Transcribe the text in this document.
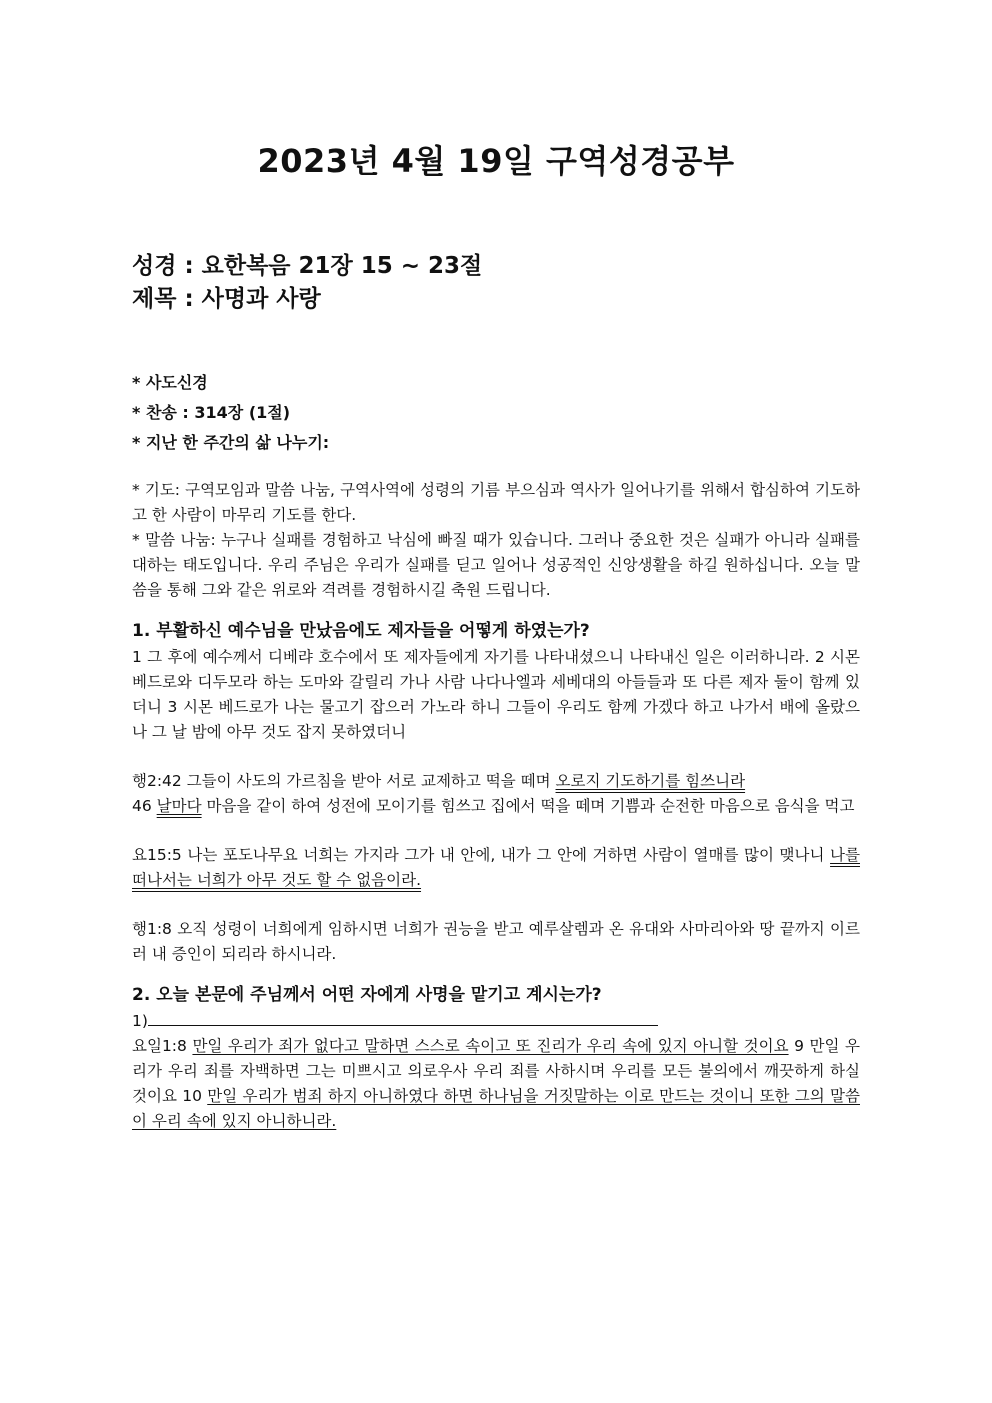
2023년 4월 19일 구역성경공부
성경 : 요한복음 21장 15 ~ 23절
제목 : 사명과 사랑
* 사도신경
* 찬송 : 314장 (1절)
* 지난 한 주간의 삶 나누기:

* 기도: 구역모임과 말씀 나눔, 구역사역에 성령의 기름 부으심과 역사가 일어나기를 위해서 합심하여 기도하고 한 사람이 마무리 기도를 한다.

* 말씀 나눔: 누구나 실패를 경험하고 낙심에 빠질 때가 있습니다. 그러나 중요한 것은 실패가 아니라 실패를 대하는 태도입니다. 우리 주님은 우리가 실패를 딛고 일어나 성공적인 신앙생활을 하길 원하십니다. 오늘 말씀을 통해 그와 같은 위로와 격려를 경험하시길 축원 드립니다.

1. 부활하신 예수님을 만났음에도 제자들을 어떻게 하였는가?

1 그 후에 예수께서 디베랴 호수에서 또 제자들에게 자기를 나타내셨으니 나타내신 일은 이러하니라. 2 시몬 베드로와 디두모라 하는 도마와 갈릴리 가나 사람 나다나엘과 세베대의 아들들과 또 다른 제자 둘이 함께 있더니 3 시몬 베드로가 나는 물고기 잡으러 가노라 하니 그들이 우리도 함께 가겠다 하고 나가서 배에 올랐으나 그 날 밤에 아무 것도 잡지 못하였더니

행2:42 그들이 사도의 가르침을 받아 서로 교제하고 떡을 떼며 오로지 기도하기를 힘쓰니라
46 날마다 마음을 같이 하여 성전에 모이기를 힘쓰고 집에서 떡을 떼며 기쁨과 순전한 마음으로 음식을 먹고

요15:5 나는 포도나무요 너희는 가지라 그가 내 안에, 내가 그 안에 거하면 사람이 열매를 많이 맺나니 나를 떠나서는 너희가 아무 것도 할 수 없음이라.

행1:8 오직 성령이 너희에게 임하시면 너희가 권능을 받고 예루살렘과 온 유대와 사마리아와 땅 끝까지 이르러 내 증인이 되리라 하시니라.

2. 오늘 본문에 주님께서 어떤 자에게 사명을 맡기고 계시는가?

1)

요일1:8 만일 우리가 죄가 없다고 말하면 스스로 속이고 또 진리가 우리 속에 있지 아니할 것이요 9 만일 우리가 우리 죄를 자백하면 그는 미쁘시고 의로우사 우리 죄를 사하시며 우리를 모든 불의에서 깨끗하게 하실 것이요 10 만일 우리가 범죄 하지 아니하였다 하면 하나님을 거짓말하는 이로 만드는 것이니 또한 그의 말씀이 우리 속에 있지 아니하니라.
